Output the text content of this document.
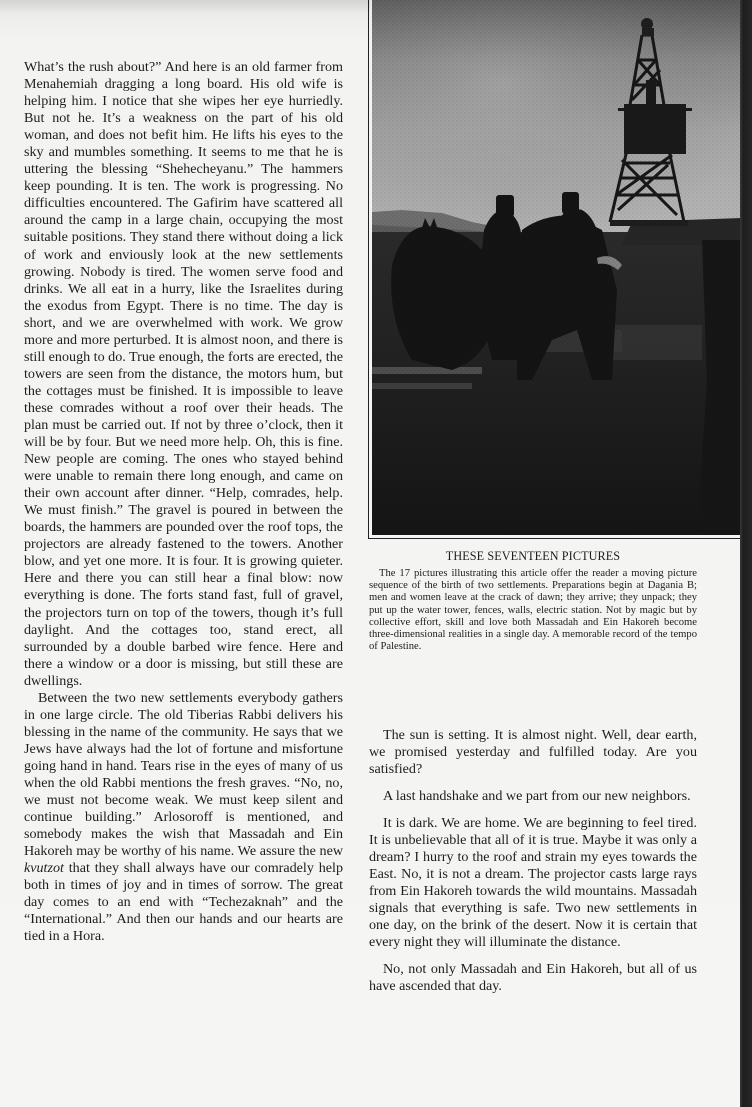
What’s the rush about?” And here is an old farmer from Menahemiah dragging a long board. His old wife is helping him. I notice that she wipes her eye hurriedly. But not he. It’s a weakness on the part of his old woman, and does not befit him. He lifts his eyes to the sky and mumbles something. It seems to me that he is uttering the blessing “Shehecheyanu.” The hammers keep pounding. It is ten. The work is progressing. No difficulties encountered. The Gafirim have scattered all around the camp in a large chain, occupying the most suitable positions. They stand there without doing a lick of work and enviously look at the new settlements growing. Nobody is tired. The women serve food and drinks. We all eat in a hurry, like the Israelites during the exodus from Egypt. There is no time. The day is short, and we are overwhelmed with work. We grow more and more perturbed. It is almost noon, and there is still enough to do. True enough, the forts are erected, the towers are seen from the distance, the motors hum, but the cottages must be finished. It is impossible to leave these comrades without a roof over their heads. The plan must be carried out. If not by three o’clock, then it will be by four. But we need more help. Oh, this is fine. New people are coming. The ones who stayed behind were unable to remain there long enough, and came on their own account after dinner. “Help, comrades, help. We must finish.” The gravel is poured in between the boards, the hammers are pounded over the roof tops, the projectors are already fastened to the towers. Another blow, and yet one more. It is four. It is growing quieter. Here and there you can still hear a final blow: now everything is done. The forts stand fast, full of gravel, the projectors turn on top of the towers, though it’s full daylight. And the cottages too, stand erect, all surrounded by a double barbed wire fence. Here and there a window or a door is missing, but still these are dwellings.

Between the two new settlements everybody gathers in one large circle. The old Tiberias Rabbi delivers his blessing in the name of the community. He says that we Jews have always had the lot of fortune and misfortune going hand in hand. Tears rise in the eyes of many of us when the old Rabbi mentions the fresh graves. “No, no, we must not become weak. We must keep silent and continue building.” Arlosoroff is mentioned, and somebody makes the wish that Massadah and Ein Hakoreh may be worthy of his name. We assure the new kvutzot that they shall always have our comradely help both in times of joy and in times of sorrow. The great day comes to an end with “Techezaknah” and the “International.” And then our hands and our hearts are tied in a Hora.

THESE SEVENTEEN PICTURES

The 17 pictures illustrating this article offer the reader a moving picture sequence of the birth of two settlements. Preparations begin at Dagania B; men and women leave at the crack of dawn; they arrive; they unpack; they put up the water tower, fences, walls, electric station. Not by magic but by collective effort, skill and love both Massadah and Ein Hakoreh become three-dimensional realities in a single day. A memorable record of the tempo of Palestine.

The sun is setting. It is almost night. Well, dear earth, we promised yesterday and fulfilled today. Are you satisfied?

A last handshake and we part from our new neighbors.

It is dark. We are home. We are beginning to feel tired. It is unbelievable that all of it is true. Maybe it was only a dream? I hurry to the roof and strain my eyes towards the East. No, it is not a dream. The projector casts large rays from Ein Hakoreh towards the wild mountains. Massadah signals that everything is safe. Two new settlements in one day, on the brink of the desert. Now it is certain that every night they will illuminate the distance.

No, not only Massadah and Ein Hakoreh, but all of us have ascended that day.
